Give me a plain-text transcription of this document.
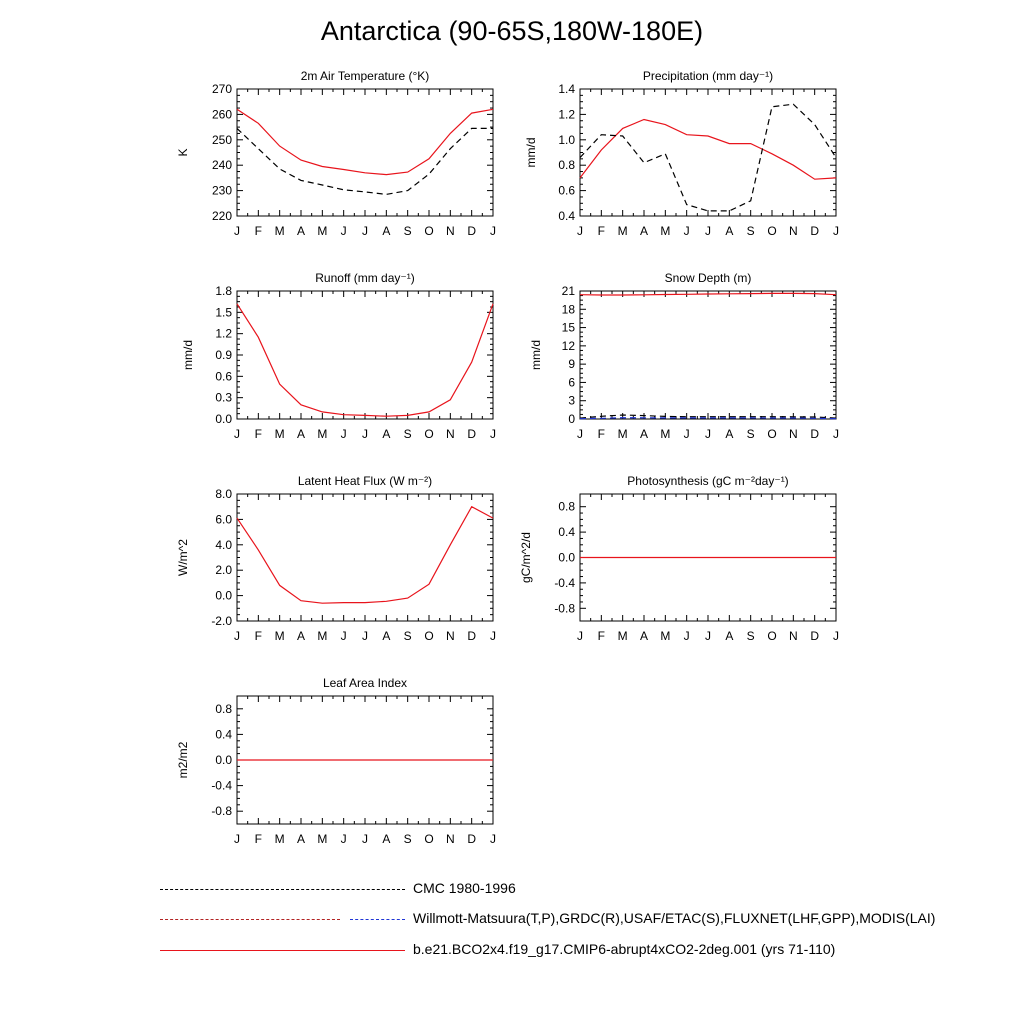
Antarctica (90-65S,180W-180E)
2m Air Temperature (°K)
K
J F M A M J J A S O N D J
220
230
240
250
260
270
Precipitation (mm day⁻¹)
mm/d
J F M A M J J A S O N D J
0.4
0.6
0.8
1.0
1.2
1.4
Runoff (mm day⁻¹)
mm/d
J F M A M J J A S O N D J
0.0
0.3
0.6
0.9
1.2
1.5
1.8
Snow Depth (m)
mm/d
J F M A M J J A S O N D J
0
3
6
9
12
15
18
21
Latent Heat Flux (W m⁻²)
W/m^2
J F M A M J J A S O N D J
-2.0
0.0
2.0
4.0
6.0
8.0
Photosynthesis (gC m⁻²day⁻¹)
gC/m^2/d
J F M A M J J A S O N D J
-0.8
-0.4
0.0
0.4
0.8
Leaf Area Index
m2/m2
J F M A M J J A S O N D J
-0.8
-0.4
0.0
0.4
0.8
CMC 1980-1996
Willmott-Matsuura(T,P),GRDC(R),USAF/ETAC(S),FLUXNET(LHF,GPP),MODIS(LAI)
b.e21.BCO2x4.f19_g17.CMIP6-abrupt4xCO2-2deg.001 (yrs 71-110)
